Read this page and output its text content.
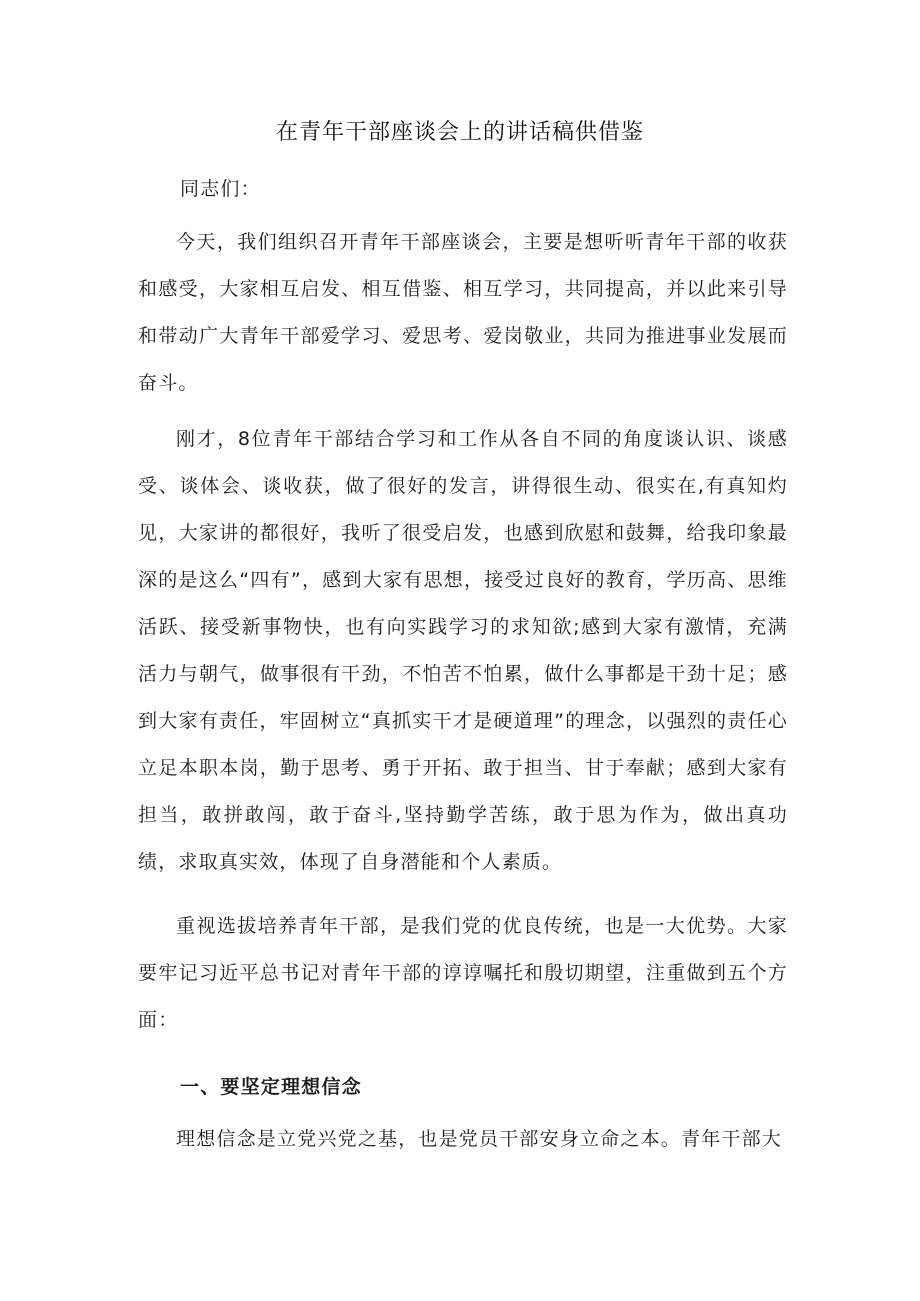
在青年干部座谈会上的讲话稿供借鉴
同志们：

今天，我们组织召开青年干部座谈会，主要是想听听青年干部的收获和感受，大家相互启发、相互借鉴、相互学习，共同提高，并以此来引导和带动广大青年干部爱学习、爱思考、爱岗敬业，共同为推进事业发展而奋斗。

刚才，8位青年干部结合学习和工作从各自不同的角度谈认识、谈感受、谈体会、谈收获，做了很好的发言，讲得很生动、很实在,有真知灼见，大家讲的都很好，我听了很受启发，也感到欣慰和鼓舞，给我印象最深的是这么“四有”，感到大家有思想，接受过良好的教育，学历高、思维活跃、接受新事物快，也有向实践学习的求知欲;感到大家有激情，充满活力与朝气，做事很有干劲，不怕苦不怕累，做什么事都是干劲十足；感到大家有责任，牢固树立“真抓实干才是硬道理”的理念，以强烈的责任心立足本职本岗，勤于思考、勇于开拓、敢于担当、甘于奉献；感到大家有担当，敢拼敢闯，敢于奋斗,坚持勤学苦练，敢于思为作为，做出真功绩，求取真实效，体现了自身潜能和个人素质。

重视选拔培养青年干部，是我们党的优良传统，也是一大优势。大家要牢记习近平总书记对青年干部的谆谆嘱托和殷切期望，注重做到五个方面：

一、要坚定理想信念

理想信念是立党兴党之基，也是党员干部安身立命之本。青年干部大
